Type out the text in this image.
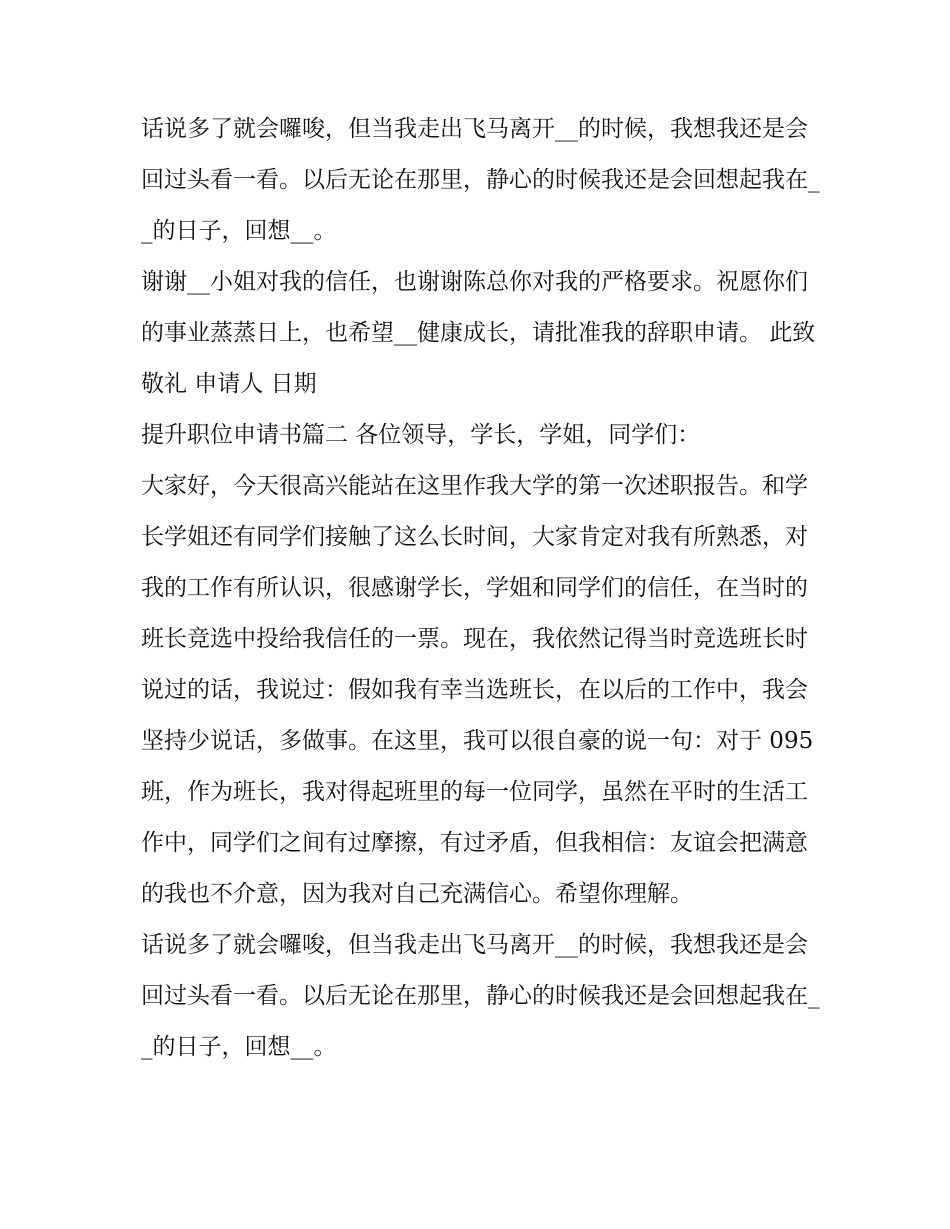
话说多了就会囉唆，但当我走出飞马离开__的时候，我想我还是会回过头看一看。以后无论在那里，静心的时候我还是会回想起我在__的日子，回想__。

谢谢__小姐对我的信任，也谢谢陈总你对我的严格要求。祝愿你们的事业蒸蒸日上，也希望__健康成长，请批准我的辞职申请。 此致 敬礼 申请人 日期

提升职位申请书篇二 各位领导，学长，学姐，同学们：

大家好，今天很高兴能站在这里作我大学的第一次述职报告。和学长学姐还有同学们接触了这么长时间，大家肯定对我有所熟悉，对我的工作有所认识，很感谢学长，学姐和同学们的信任，在当时的班长竞选中投给我信任的一票。现在，我依然记得当时竞选班长时说过的话，我说过：假如我有幸当选班长，在以后的工作中，我会坚持少说话，多做事。在这里，我可以很自豪的说一句：对于 095 班，作为班长，我对得起班里的每一位同学，虽然在平时的生活工作中，同学们之间有过摩擦，有过矛盾，但我相信：友谊会把满意的我也不介意，因为我对自己充满信心。希望你理解。

话说多了就会囉唆，但当我走出飞马离开__的时候，我想我还是会回过头看一看。以后无论在那里，静心的时候我还是会回想起我在__的日子，回想__。
